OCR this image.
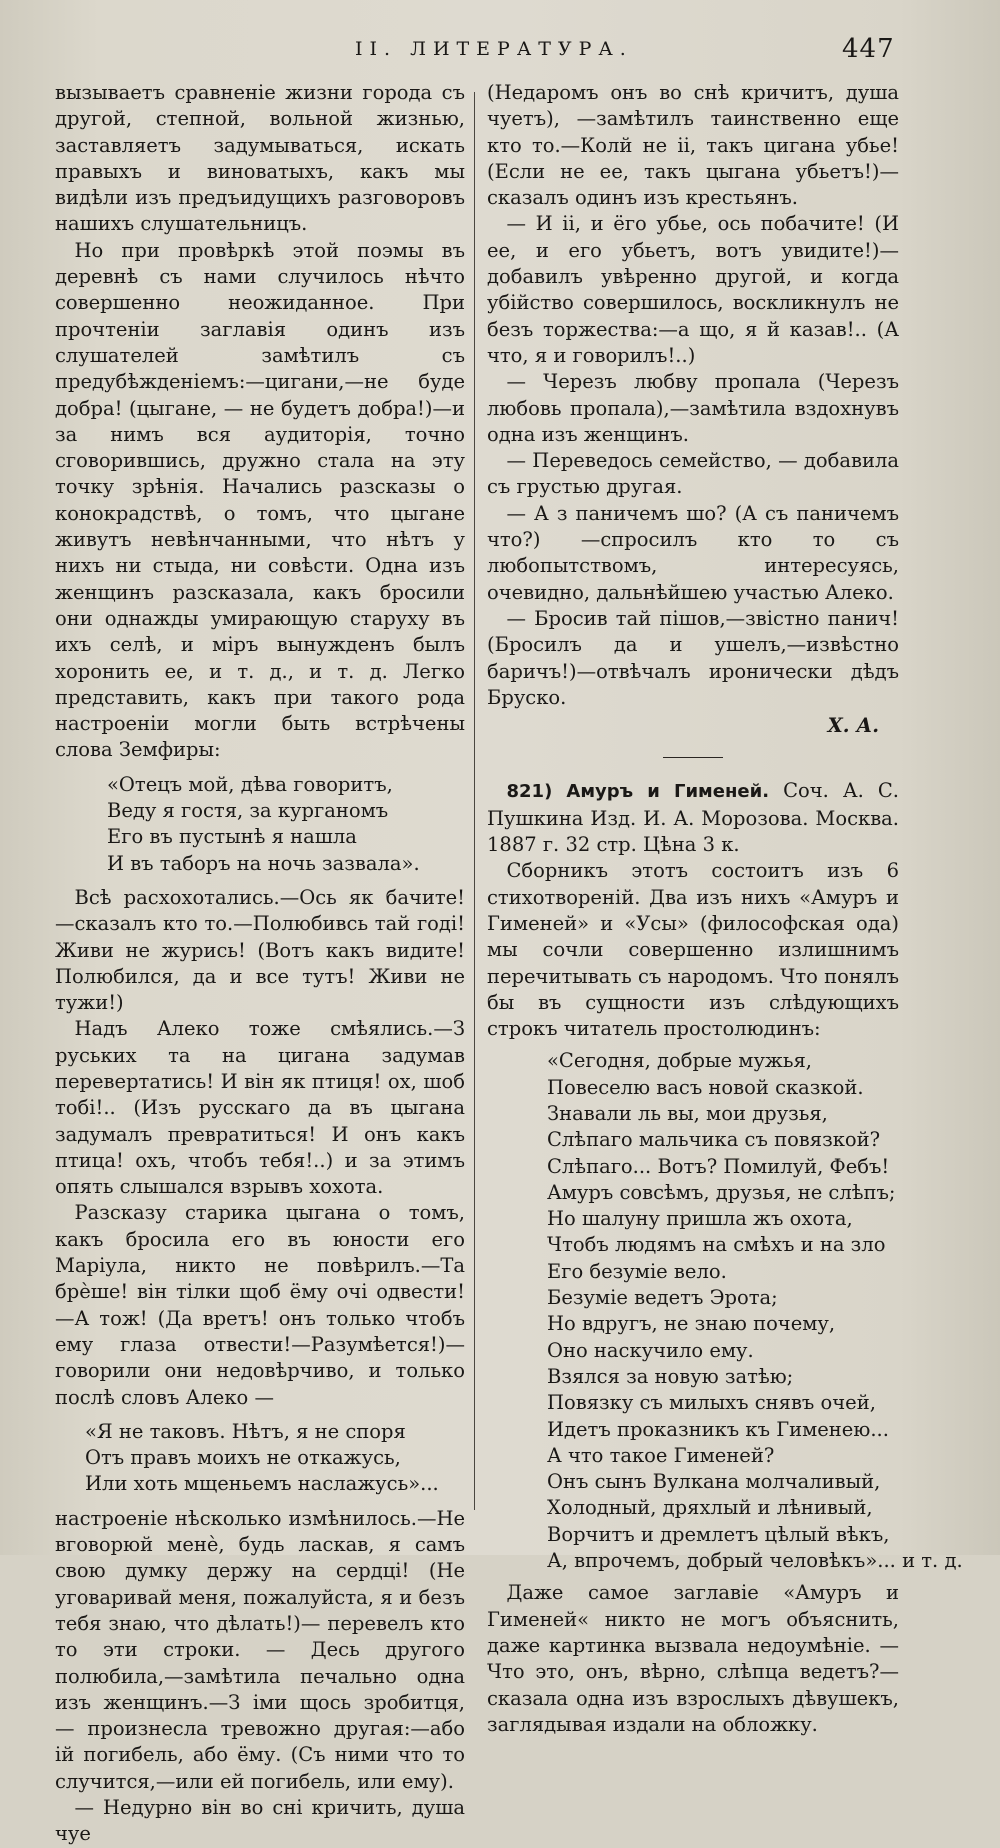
II. ЛИТЕРАТУРА.	447

вызываетъ сравненіе жизни города съ другой, степной, вольной жизнью, заставляетъ задумываться, искать правыхъ и виноватыхъ, какъ мы видѣли изъ предъидущихъ разговоровъ нашихъ слушательницъ.

Но при провѣркѣ этой поэмы въ деревнѣ съ нами случилось нѣчто совершенно неожиданное. При прочтеніи заглавія одинъ изъ слушателей замѣтилъ съ предубѣжденіемъ:—цигани,—не буде добра! (цыгане, — не будетъ добра!)—и за нимъ вся аудиторія, точно сговорившись, дружно стала на эту точку зрѣнія. Начались разсказы о конокрадствѣ, о томъ, что цыгане живутъ невѣнчанными, что нѣтъ у нихъ ни стыда, ни совѣсти. Одна изъ женщинъ разсказала, какъ бросили они однажды умирающую старуху въ ихъ селѣ, и міръ вынужденъ былъ хоронить ее, и т. д., и т. д. Легко представить, какъ при такого рода настроеніи могли быть встрѣчены слова Земфиры:

«Отецъ мой, дѣва говоритъ,
Веду я гостя, за курганомъ
Его въ пустынѣ я нашла
И въ таборъ на ночь зазвала».

Всѣ расхохотались.—Ось як бачите!—сказалъ кто то.—Полюбивсь тай годі! Живи не журись! (Вотъ какъ видите! Полюбился, да и все тутъ! Живи не тужи!)

Надъ Алеко тоже смѣялись.—З руських та на цигана задумав перевертатись! И він як птиця! ох, шоб тобі!.. (Изъ русскаго да въ цыгана задумалъ превратиться! И онъ какъ птица! охъ, чтобъ тебя!..) и за этимъ опять слышался взрывъ хохота.

Разсказу старика цыгана о томъ, какъ бросила его въ юности его Маріула, никто не повѣрилъ.—Та брѐше! він тілки щоб ёму очі одвести!—А тож! (Да вретъ! онъ только чтобъ ему глаза отвести!—Разумѣется!)—говорили они недовѣрчиво, и только послѣ словъ Алеко —

«Я не таковъ. Нѣтъ, я не споря
Отъ правъ моихъ не откажусь,
Или хоть мщеньемъ наслажусь»...

настроеніе нѣсколько измѣнилось.—Не вговорюй менѐ, будь ласкав, я самъ свою думку держу на сердці! (Не уговаривай меня, пожалуйста, я и безъ тебя знаю, что дѣлать!)— перевелъ кто то эти строки. — Десь другого полюбила,—замѣтила печально одна изъ женщинъ.—З іми щось зробитця, — произнесла тревожно другая:—або ій погибель, або ёму. (Съ ними что то случится,—или ей погибель, или ему).

— Недурно він во сні кричить, душа чуе

(Недаромъ онъ во снѣ кричитъ, душа чуетъ), —замѣтилъ таинственно еще кто то.—Колй не іі, такъ цигана убье! (Если не ее, такъ цыгана убьетъ!)—сказалъ одинъ изъ крестьянъ.

— И іі, и ёго убье, ось побачите! (И ее, и его убьетъ, вотъ увидите!)—добавилъ увѣренно другой, и когда убійство совершилось, воскликнулъ не безъ торжества:—а що, я й казав!.. (А что, я и говорилъ!..)

— Черезъ любву пропала (Черезъ любовь пропала),—замѣтила вздохнувъ одна изъ женщинъ.

— Переведось семейство, — добавила съ грустью другая.

— А з паничемъ шо? (А съ паничемъ что?) —спросилъ кто то съ любопытствомъ, интересуясь, очевидно, дальнѣйшею участью Алеко.

— Бросив тай пішов,—звістно панич! (Бросилъ да и ушелъ,—извѣстно баричъ!)—отвѣчалъ иронически дѣдъ Бруско.

Х. А.

821) Амуръ и Гименей. Соч. А. С. Пушкина Изд. И. А. Морозова. Москва. 1887 г. 32 стр. Цѣна 3 к.

Сборникъ этотъ состоитъ изъ 6 стихотвореній. Два изъ нихъ «Амуръ и Гименей» и «Усы» (философская ода) мы сочли совершенно излишнимъ перечитывать съ народомъ. Что понялъ бы въ сущности изъ слѣдующихъ строкъ читатель простолюдинъ:

«Сегодня, добрые мужья,
Повеселю васъ новой сказкой.
Знавали ль вы, мои друзья,
Слѣпаго мальчика съ повязкой?
Слѣпаго... Вотъ? Помилуй, Фебъ!
Амуръ совсѣмъ, друзья, не слѣпъ;
Но шалуну пришла жъ охота,
Чтобъ людямъ на смѣхъ и на зло
Его безуміе вело.
Безуміе ведетъ Эрота;
Но вдругъ, не знаю почему,
Оно наскучило ему.
Взялся за новую затѣю;
Повязку съ милыхъ снявъ очей,
Идетъ проказникъ къ Гименею...
А что такое Гименей?
Онъ сынъ Вулкана молчаливый,
Холодный, дряхлый и лѣнивый,
Ворчитъ и дремлетъ цѣлый вѣкъ,
А, впрочемъ, добрый человѣкъ»... и т. д.

Даже самое заглавіе «Амуръ и Гименей« никто не могъ объяснить, даже картинка вызвала недоумѣніе. — Что это, онъ, вѣрно, слѣпца ведетъ?—сказала одна изъ взрослыхъ дѣвушекъ, заглядывая издали на обложку.
